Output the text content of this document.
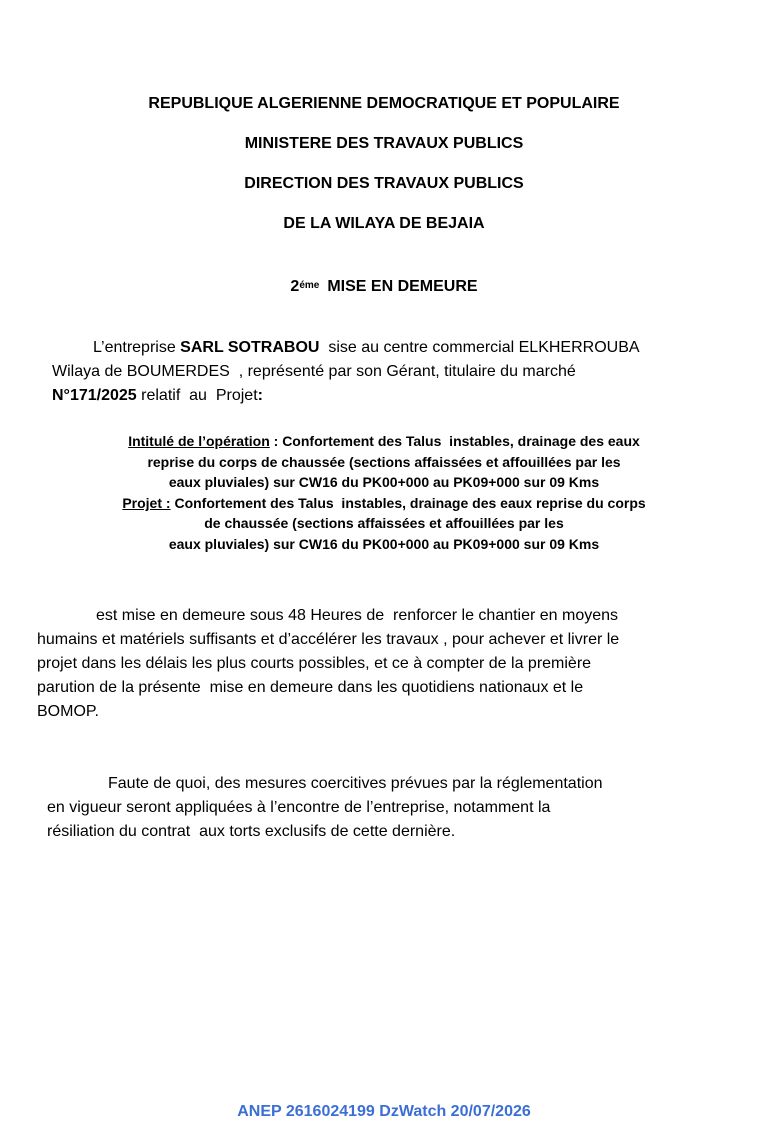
REPUBLIQUE ALGERIENNE DEMOCRATIQUE ET POPULAIRE
MINISTERE DES TRAVAUX PUBLICS
DIRECTION DES TRAVAUX PUBLICS
DE LA WILAYA DE BEJAIA
$2^{éme}$ MISE EN DEMEURE
L’entreprise SARL SOTRABOU  sise au centre commercial ELKHERROUBA
Wilaya de BOUMERDES  , représenté par son Gérant, titulaire du marché
N°171/2025 relatif  au  Projet:
Intitulé de l’opération : Confortement des Talus  instables, drainage des eaux
reprise du corps de chaussée (sections affaissées et affouillées par les
eaux pluviales) sur CW16 du PK00+000 au PK09+000 sur 09 Kms
Projet : Confortement des Talus  instables, drainage des eaux reprise du corps
de chaussée (sections affaissées et affouillées par les
eaux pluviales) sur CW16 du PK00+000 au PK09+000 sur 09 Kms
est mise en demeure sous 48 Heures de  renforcer le chantier en moyens
humains et matériels suffisants et d’accélérer les travaux , pour achever et livrer le
projet dans les délais les plus courts possibles, et ce à compter de la première
parution de la présente  mise en demeure dans les quotidiens nationaux et le
BOMOP.
Faute de quoi, des mesures coercitives prévues par la réglementation
en vigueur seront appliquées à l’encontre de l’entreprise, notamment la
résiliation du contrat  aux torts exclusifs de cette dernière.
ANEP 2616024199 DzWatch 20/07/2026
